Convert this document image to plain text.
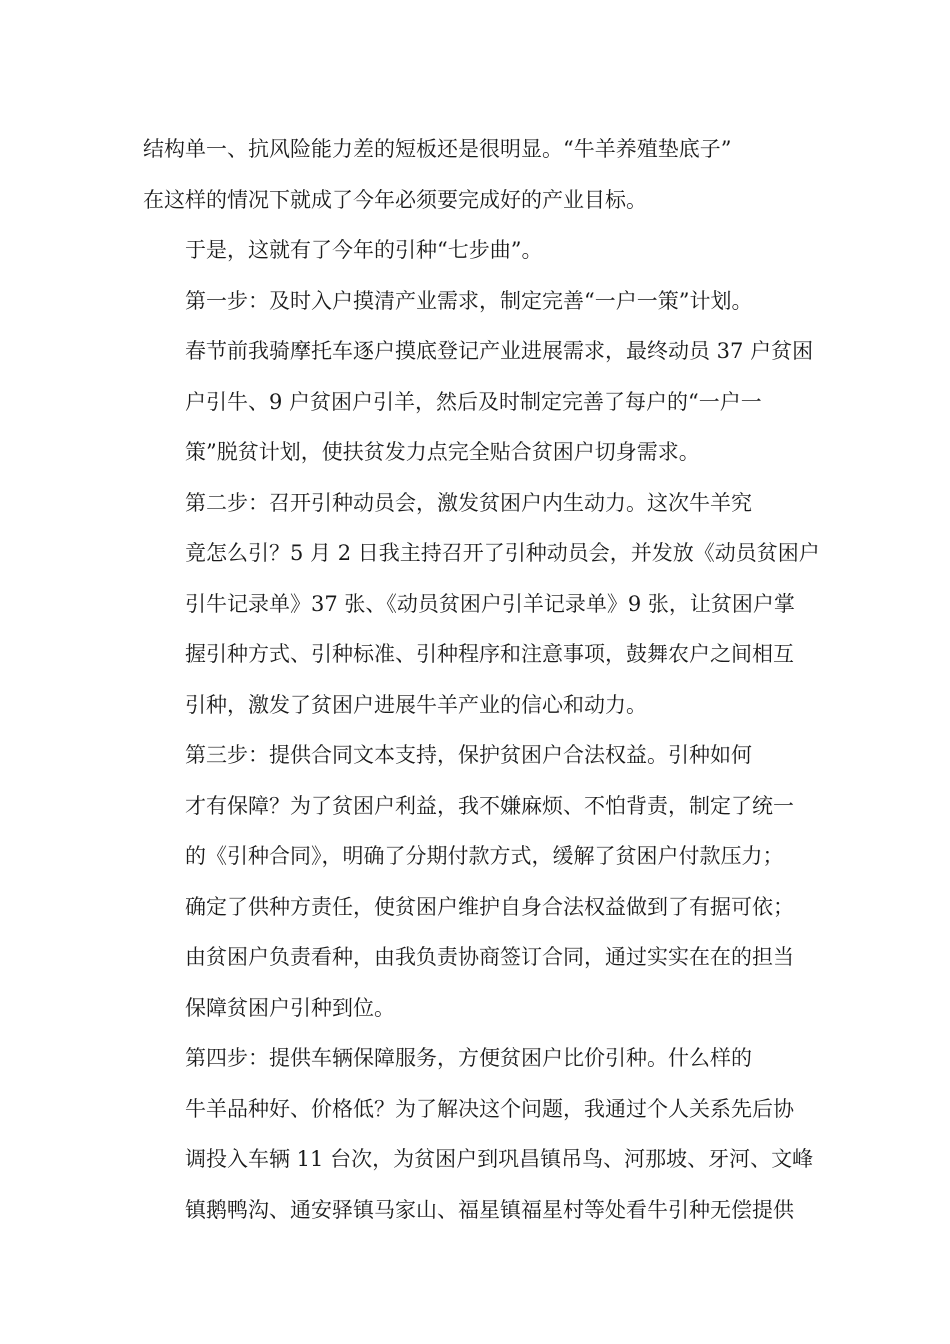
结构单一、抗风险能力差的短板还是很明显。“牛羊养殖垫底子”
在这样的情况下就成了今年必须要完成好的产业目标。

于是，这就有了今年的引种“七步曲”。

第一步：及时入户摸清产业需求，制定完善“一户一策”计划。
春节前我骑摩托车逐户摸底登记产业进展需求，最终动员 37 户贫困
户引牛、9 户贫困户引羊，然后及时制定完善了每户的“一户一
策”脱贫计划，使扶贫发力点完全贴合贫困户切身需求。

第二步：召开引种动员会，激发贫困户内生动力。这次牛羊究
竟怎么引？5 月 2 日我主持召开了引种动员会，并发放《动员贫困户
引牛记录单》37 张、《动员贫困户引羊记录单》9 张，让贫困户掌
握引种方式、引种标准、引种程序和注意事项，鼓舞农户之间相互
引种，激发了贫困户进展牛羊产业的信心和动力。

第三步：提供合同文本支持，保护贫困户合法权益。引种如何
才有保障？为了贫困户利益，我不嫌麻烦、不怕背责，制定了统一
的《引种合同》，明确了分期付款方式，缓解了贫困户付款压力；
确定了供种方责任，使贫困户维护自身合法权益做到了有据可依；
由贫困户负责看种，由我负责协商签订合同，通过实实在在的担当
保障贫困户引种到位。

第四步：提供车辆保障服务，方便贫困户比价引种。什么样的
牛羊品种好、价格低？为了解决这个问题，我通过个人关系先后协
调投入车辆 11 台次，为贫困户到巩昌镇吊鸟、河那坡、牙河、文峰
镇鹅鸭沟、通安驿镇马家山、福星镇福星村等处看牛引种无偿提供
